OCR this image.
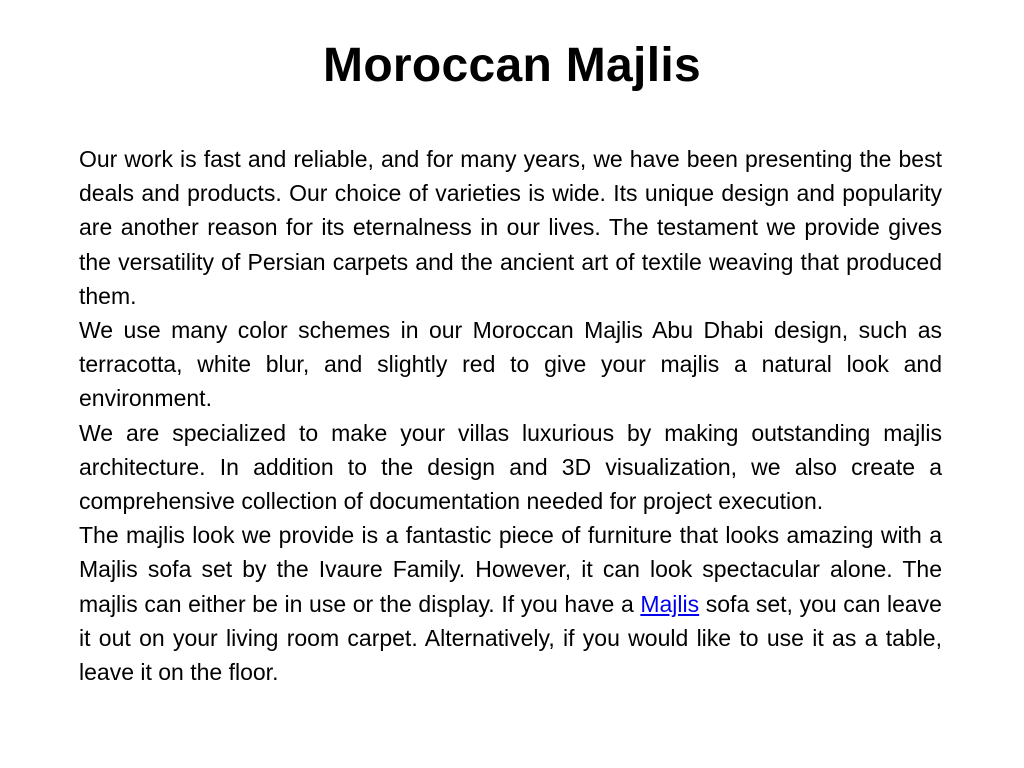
Moroccan Majlis

Our work is fast and reliable, and for many years, we have been presenting the best deals and products. Our choice of varieties is wide. Its unique design and popularity are another reason for its eternalness in our lives. The testament we provide gives the versatility of Persian carpets and the ancient art of textile weaving that produced them.

We use many color schemes in our Moroccan Majlis Abu Dhabi design, such as terracotta, white blur, and slightly red to give your majlis a natural look and environment.

We are specialized to make your villas luxurious by making outstanding majlis architecture. In addition to the design and 3D visualization, we also create a comprehensive collection of documentation needed for project execution.

The majlis look we provide is a fantastic piece of furniture that looks amazing with a Majlis sofa set by the Ivaure Family. However, it can look spectacular alone. The majlis can either be in use or the display. If you have a Majlis sofa set, you can leave it out on your living room carpet. Alternatively, if you would like to use it as a table, leave it on the floor.
